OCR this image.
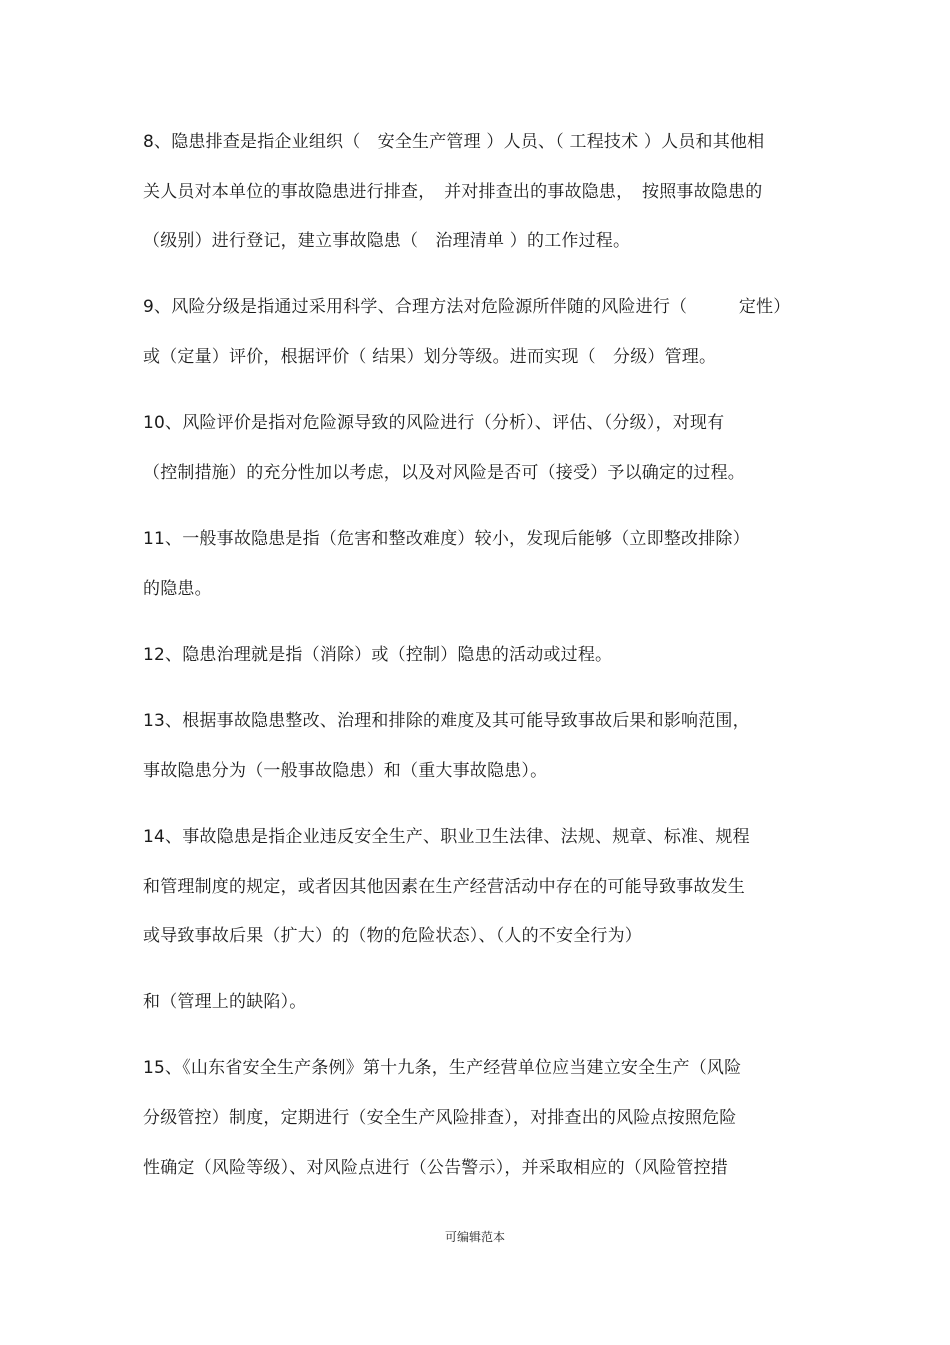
8、隐患排查是指企业组织（　安全生产管理 ）人员、（ 工程技术 ）人员和其他相
关人员对本单位的事故隐患进行排查，　并对排查出的事故隐患，　按照事故隐患的
（级别）进行登记，建立事故隐患（　治理清单 ）的工作过程。
9、风险分级是指通过采用科学、合理方法对危险源所伴随的风险进行（　　　定性）
或（定量）评价，根据评价（ 结果）划分等级。进而实现（　分级）管理。
10、风险评价是指对危险源导致的风险进行（分析）、评估、（分级），对现有
（控制措施）的充分性加以考虑，以及对风险是否可（接受）予以确定的过程。
11、一般事故隐患是指（危害和整改难度）较小，发现后能够（立即整改排除）
的隐患。
12、隐患治理就是指（消除）或（控制）隐患的活动或过程。
13、根据事故隐患整改、治理和排除的难度及其可能导致事故后果和影响范围，
事故隐患分为（一般事故隐患）和（重大事故隐患）。
14、事故隐患是指企业违反安全生产、职业卫生法律、法规、规章、标准、规程
和管理制度的规定，或者因其他因素在生产经营活动中存在的可能导致事故发生
或导致事故后果（扩大）的（物的危险状态）、（人的不安全行为）
和（管理上的缺陷）。
15、《山东省安全生产条例》第十九条，生产经营单位应当建立安全生产（风险
分级管控）制度，定期进行（安全生产风险排查），对排查出的风险点按照危险
性确定（风险等级）、对风险点进行（公告警示），并采取相应的（风险管控措
可编辑范本
